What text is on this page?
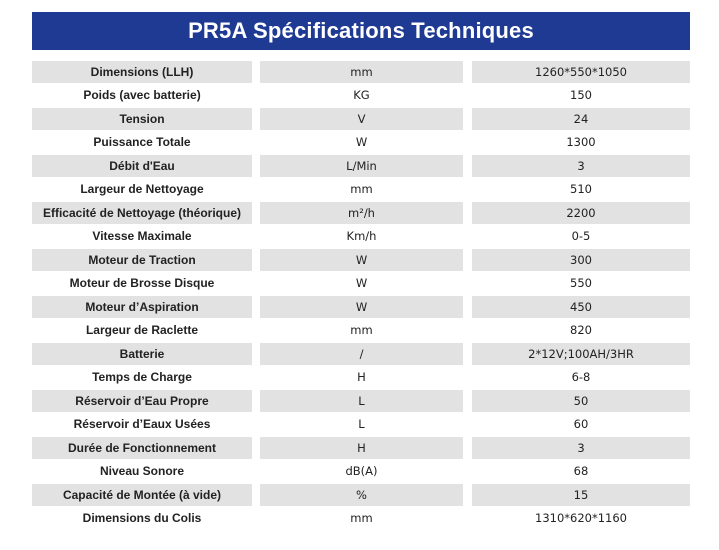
PR5A Spécifications Techniques
Dimensions (LLH)	mm	1260*550*1050
Poids (avec batterie)	KG	150
Tension	V	24
Puissance Totale	W	1300
Débit d'Eau	L/Min	3
Largeur de Nettoyage	mm	510
Efficacité de Nettoyage (théorique)	m²/h	2200
Vitesse Maximale	Km/h	0-5
Moteur de Traction	W	300
Moteur de Brosse Disque	W	550
Moteur d’Aspiration	W	450
Largeur de Raclette	mm	820
Batterie	/	2*12V;100AH/3HR
Temps de Charge	H	6-8
Réservoir d’Eau Propre	L	50
Réservoir d’Eaux Usées	L	60
Durée de Fonctionnement	H	3
Niveau Sonore	dB(A)	68
Capacité de Montée (à vide)	%	15
Dimensions du Colis	mm	1310*620*1160
